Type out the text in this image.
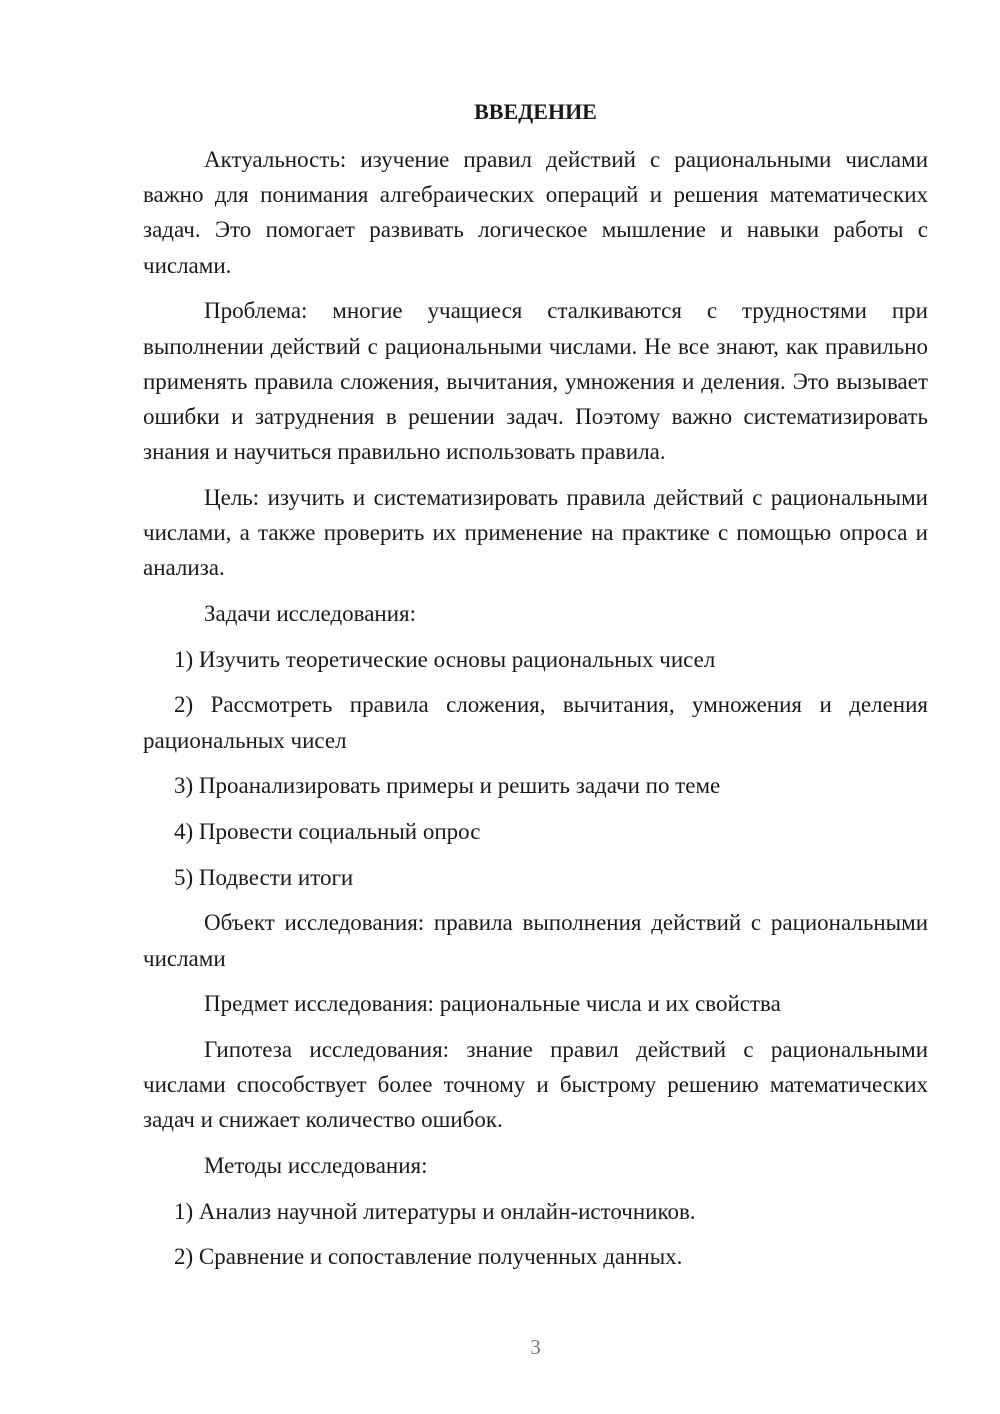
ВВЕДЕНИЕ

Актуальность: изучение правил действий с рациональными числами важно для понимания алгебраических операций и решения математических задач. Это помогает развивать логическое мышление и навыки работы с числами.

Проблема: многие учащиеся сталкиваются с трудностями при выполнении действий с рациональными числами. Не все знают, как правильно применять правила сложения, вычитания, умножения и деления. Это вызывает ошибки и затруднения в решении задач. Поэтому важно систематизировать знания и научиться правильно использовать правила.

Цель: изучить и систематизировать правила действий с рациональными числами, а также проверить их применение на практике с помощью опроса и анализа.

Задачи исследования:

1) Изучить теоретические основы рациональных чисел

2) Рассмотреть правила сложения, вычитания, умножения и деления рациональных чисел

3) Проанализировать примеры и решить задачи по теме

4) Провести социальный опрос

5) Подвести итоги

Объект исследования: правила выполнения действий с рациональными числами

Предмет исследования: рациональные числа и их свойства

Гипотеза исследования: знание правил действий с рациональными числами способствует более точному и быстрому решению математических задач и снижает количество ошибок.

Методы исследования:

1) Анализ научной литературы и онлайн-источников.

2) Сравнение и сопоставление полученных данных.

3
